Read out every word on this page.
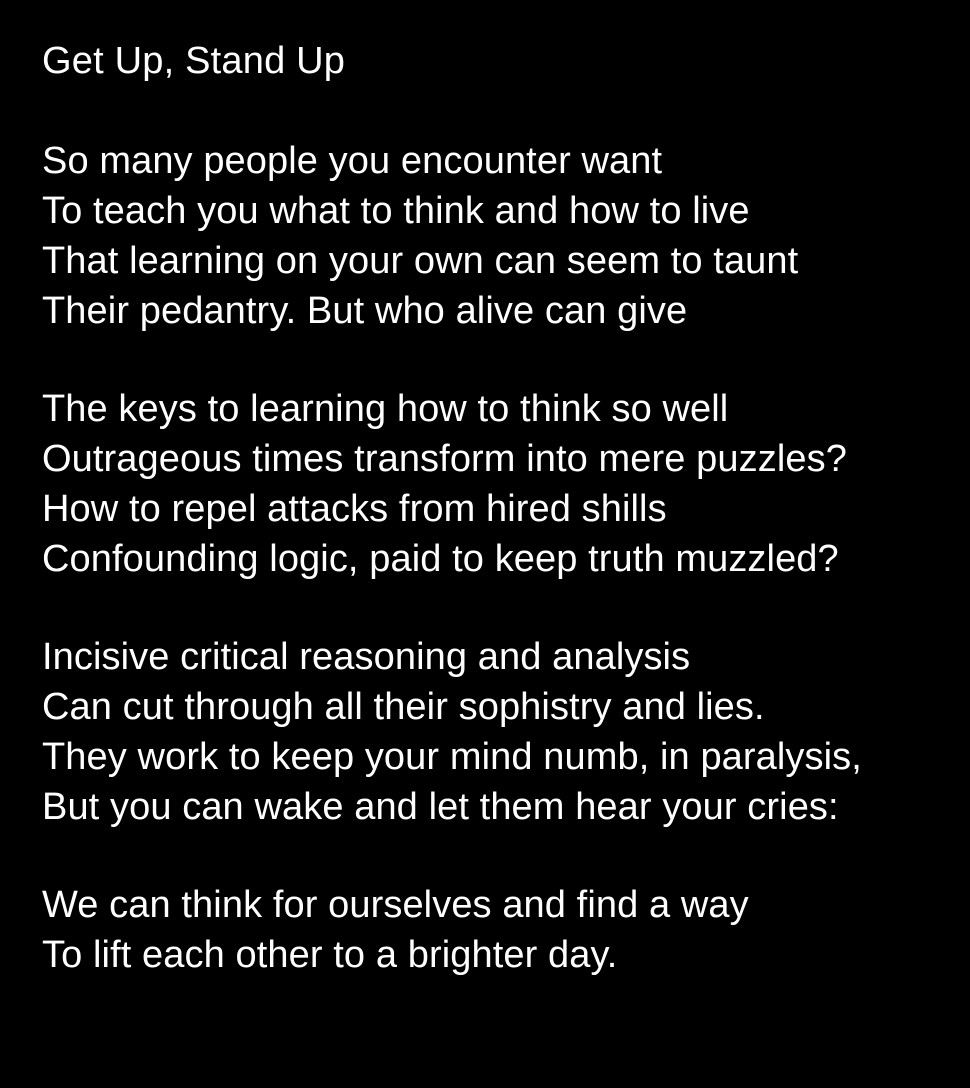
Get Up, Stand Up
So many people you encounter want
To teach you what to think and how to live
That learning on your own can seem to taunt
Their pedantry. But who alive can give
The keys to learning how to think so well
Outrageous times transform into mere puzzles?
How to repel attacks from hired shills
Confounding logic, paid to keep truth muzzled?
Incisive critical reasoning and analysis
Can cut through all their sophistry and lies.
They work to keep your mind numb, in paralysis,
But you can wake and let them hear your cries:
We can think for ourselves and find a way
To lift each other to a brighter day.
